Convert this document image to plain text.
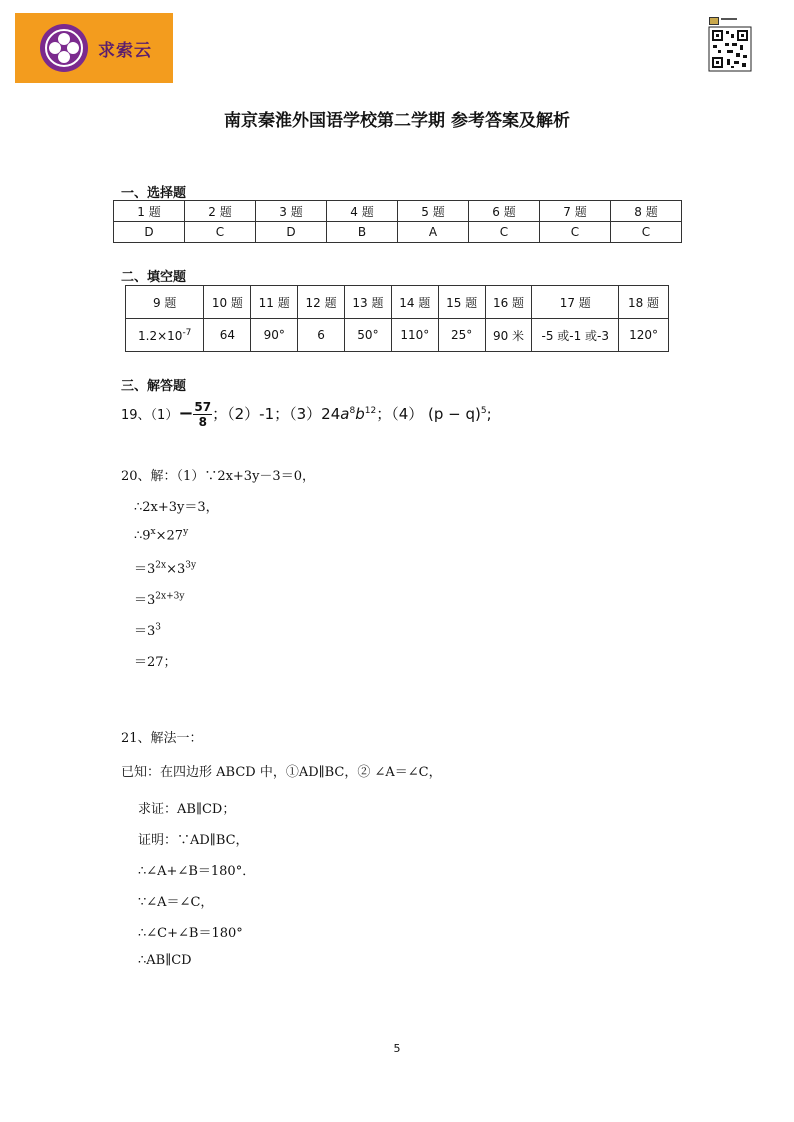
求索云
南京秦淮外国语学校第二学期 参考答案及解析
一、选择题
1 题	2 题	3 题	4 题	5 题	6 题	7 题	8 题
D	C	D	B	A	C	C	C
二、填空题
9 题	10 题	11 题	12 题	13 题	14 题	15 题	16 题	17 题	18 题
$1.2\times 10^{-7}$	64	90°	6	50°	110°	25°	90 米	-5 或-1 或-3	120°
三、解答题
19、$(1)- \frac{57}{8}$ ；（2）-1；$(3)24a^8b^{12}$；（4） $(p - q)^5$;
20、解：（1）∵2x+3y－3＝0，
∴2x+3y＝3，
$\therefore 9^x\times 27^y$
$=3^{2x}\times 3^{3y}$
$=3^{2x+3y}$
$=3^3$
＝27；
21、解法一：
已知：在四边形 ABCD 中，①AD∥BC，② ∠A＝∠C，
求证：AB∥CD；
证明：∵AD∥BC，
∴∠A+∠B＝180°．
∵∠A＝∠C，
∴∠C+∠B＝180°
∴AB∥CD
5
